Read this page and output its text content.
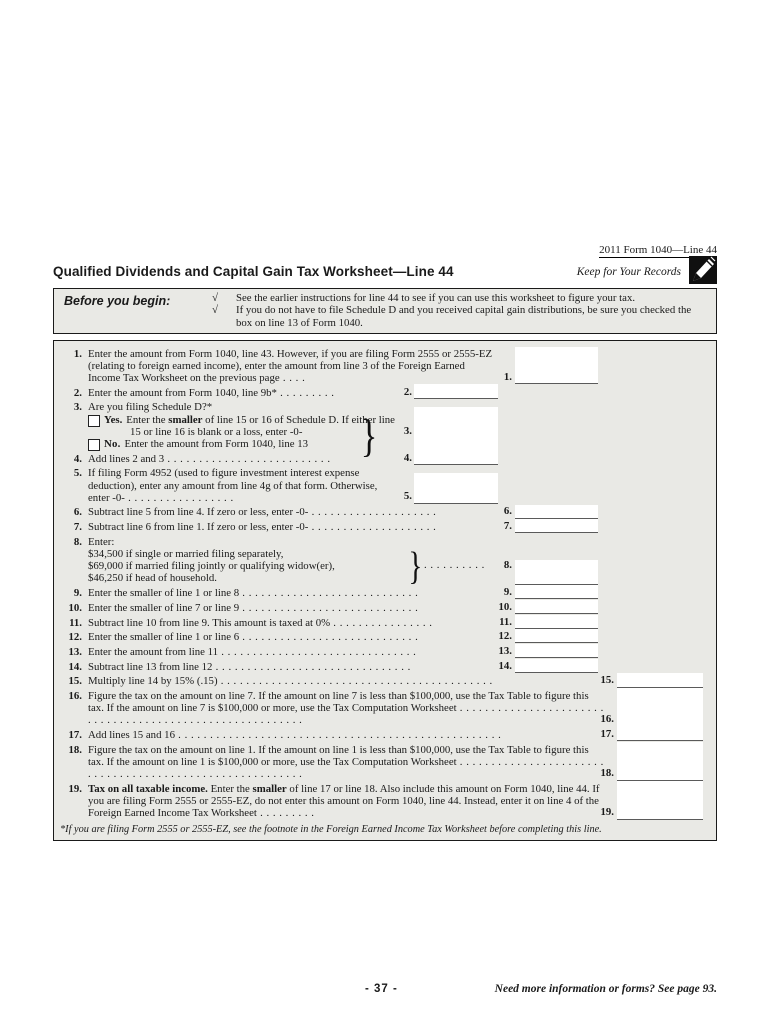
2011 Form 1040—Line 44
Qualified Dividends and Capital Gain Tax Worksheet—Line 44	Keep for Your Records
Before you begin:	√	See the earlier instructions for line 44 to see if you can use this worksheet to figure your tax.
√	If you do not have to file Schedule D and you received capital gain distributions, be sure you checked the box on line 13 of Form 1040.
1. Enter the amount from Form 1040, line 43. However, if you are filing Form 2555 or 2555-EZ (relating to foreign earned income), enter the amount from line 3 of the Foreign Earned Income Tax Worksheet on the previous page . . . .	1.
2. Enter the amount from Form 1040, line 9b* . . . . . . . . .	2.
3. Are you filing Schedule D?*
Yes. Enter the smaller of line 15 or 16 of Schedule D. If either line 15 or line 16 is blank or a loss, enter -0-
No. Enter the amount from Form 1040, line 13	}	3.
4. Add lines 2 and 3 . . . . . . . . . . . . . . . . . . . . . . . . . .	4.
5. If filing Form 4952 (used to figure investment interest expense deduction), enter any amount from line 4g of that form. Otherwise, enter -0- . . . . . . . . . . . . . . . . .	5.
6. Subtract line 5 from line 4. If zero or less, enter -0- . . . . . . . . . . . . . . . . . . . .	6.
7. Subtract line 6 from line 1. If zero or less, enter -0- . . . . . . . . . . . . . . . . . . . .	7.
8. Enter:
$34,500 if single or married filing separately,
$69,000 if married filing jointly or qualifying widow(er),
$46,250 if head of household.	} . . . . . . . . . .	8.
9. Enter the smaller of line 1 or line 8 . . . . . . . . . . . . . . . . . . . . . . . . . . . .	9.
10. Enter the smaller of line 7 or line 9 . . . . . . . . . . . . . . . . . . . . . . . . . . . .	10.
11. Subtract line 10 from line 9. This amount is taxed at 0% . . . . . . . . . . . . . . . .	11.
12. Enter the smaller of line 1 or line 6 . . . . . . . . . . . . . . . . . . . . . . . . . . . .	12.
13. Enter the amount from line 11 . . . . . . . . . . . . . . . . . . . . . . . . . . . . . . .	13.
14. Subtract line 13 from line 12 . . . . . . . . . . . . . . . . . . . . . . . . . . . . . . .	14.
15. Multiply line 14 by 15% (.15) . . . . . . . . . . . . . . . . . . . . . . . . . . . . . . . . . . . . . . . . . . .	15.
16. Figure the tax on the amount on line 7. If the amount on line 7 is less than $100,000, use the Tax Table to figure this tax. If the amount on line 7 is $100,000 or more, use the Tax Computation Worksheet . . . . . . . . . . . . . . . . . . . . . . . . . . . . . . . . . . . . . . . . . . . . . . . . . . . . . . . . .	16.
17. Add lines 15 and 16 . . . . . . . . . . . . . . . . . . . . . . . . . . . . . . . . . . . . . . . . . . . . . . . . . . .	17.
18. Figure the tax on the amount on line 1. If the amount on line 1 is less than $100,000, use the Tax Table to figure this tax. If the amount on line 1 is $100,000 or more, use the Tax Computation Worksheet . . . . . . . . . . . . . . . . . . . . . . . . . . . . . . . . . . . . . . . . . . . . . . . . . . . . . . . . .	18.
19. Tax on all taxable income. Enter the smaller of line 17 or line 18. Also include this amount on Form 1040, line 44. If you are filing Form 2555 or 2555-EZ, do not enter this amount on Form 1040, line 44. Instead, enter it on line 4 of the Foreign Earned Income Tax Worksheet . . . . . . . . .	19.
*If you are filing Form 2555 or 2555-EZ, see the footnote in the Foreign Earned Income Tax Worksheet before completing this line.
- 37 -	Need more information or forms? See page 93.
